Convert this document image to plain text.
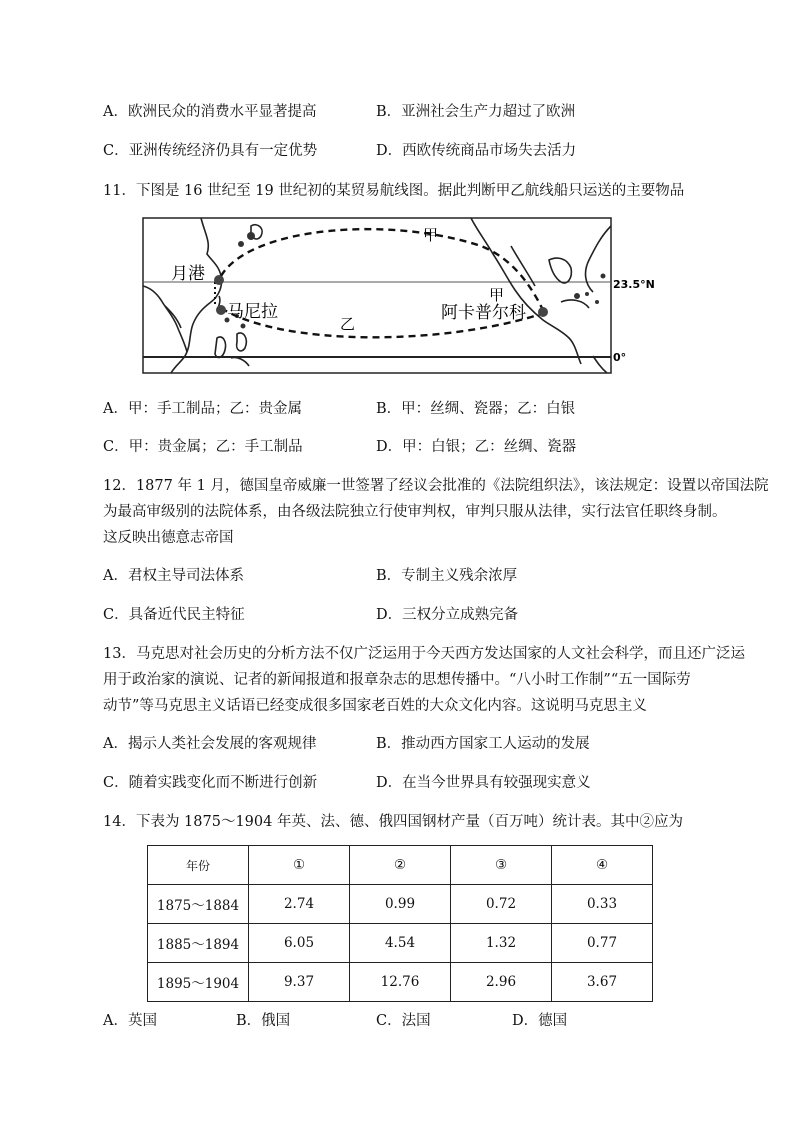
A．欧洲民众的消费水平显著提高	B．亚洲社会生产力超过了欧洲
C．亚洲传统经济仍具有一定优势	D．西欧传统商品市场失去活力
11．下图是 16 世纪至 19 世纪初的某贸易航线图。据此判断甲乙航线船只运送的主要物品
月港
马尼拉	阿卡普尔科
甲
甲
乙
23.5°N
0°
A．甲：手工制品；乙：贵金属	B．甲：丝绸、瓷器；乙：白银
C．甲：贵金属；乙：手工制品	D．甲：白银；乙：丝绸、瓷器
12．1877 年 1 月，德国皇帝威廉一世签署了经议会批准的《法院组织法》，该法规定：设置以帝国法院
为最高审级别的法院体系，由各级法院独立行使审判权，审判只服从法律，实行法官任职终身制。
这反映出德意志帝国
A．君权主导司法体系	B．专制主义残余浓厚
C．具备近代民主特征	D．三权分立成熟完备
13．马克思对社会历史的分析方法不仅广泛运用于今天西方发达国家的人文社会科学，而且还广泛运
用于政治家的演说、记者的新闻报道和报章杂志的思想传播中。“八小时工作制”“五一国际劳
动节”等马克思主义话语已经变成很多国家老百姓的大众文化内容。这说明马克思主义
A．揭示人类社会发展的客观规律	B．推动西方国家工人运动的发展
C．随着实践变化而不断进行创新	D．在当今世界具有较强现实意义
14．下表为 1875～1904 年英、法、德、俄四国钢材产量（百万吨）统计表。其中②应为
年份	①	②	③	④
1875～1884	2.74	0.99	0.72	0.33
1885～1894	6.05	4.54	1.32	0.77
1895～1904	9.37	12.76	2.96	3.67
A．英国	B．俄国	C．法国	D．德国
